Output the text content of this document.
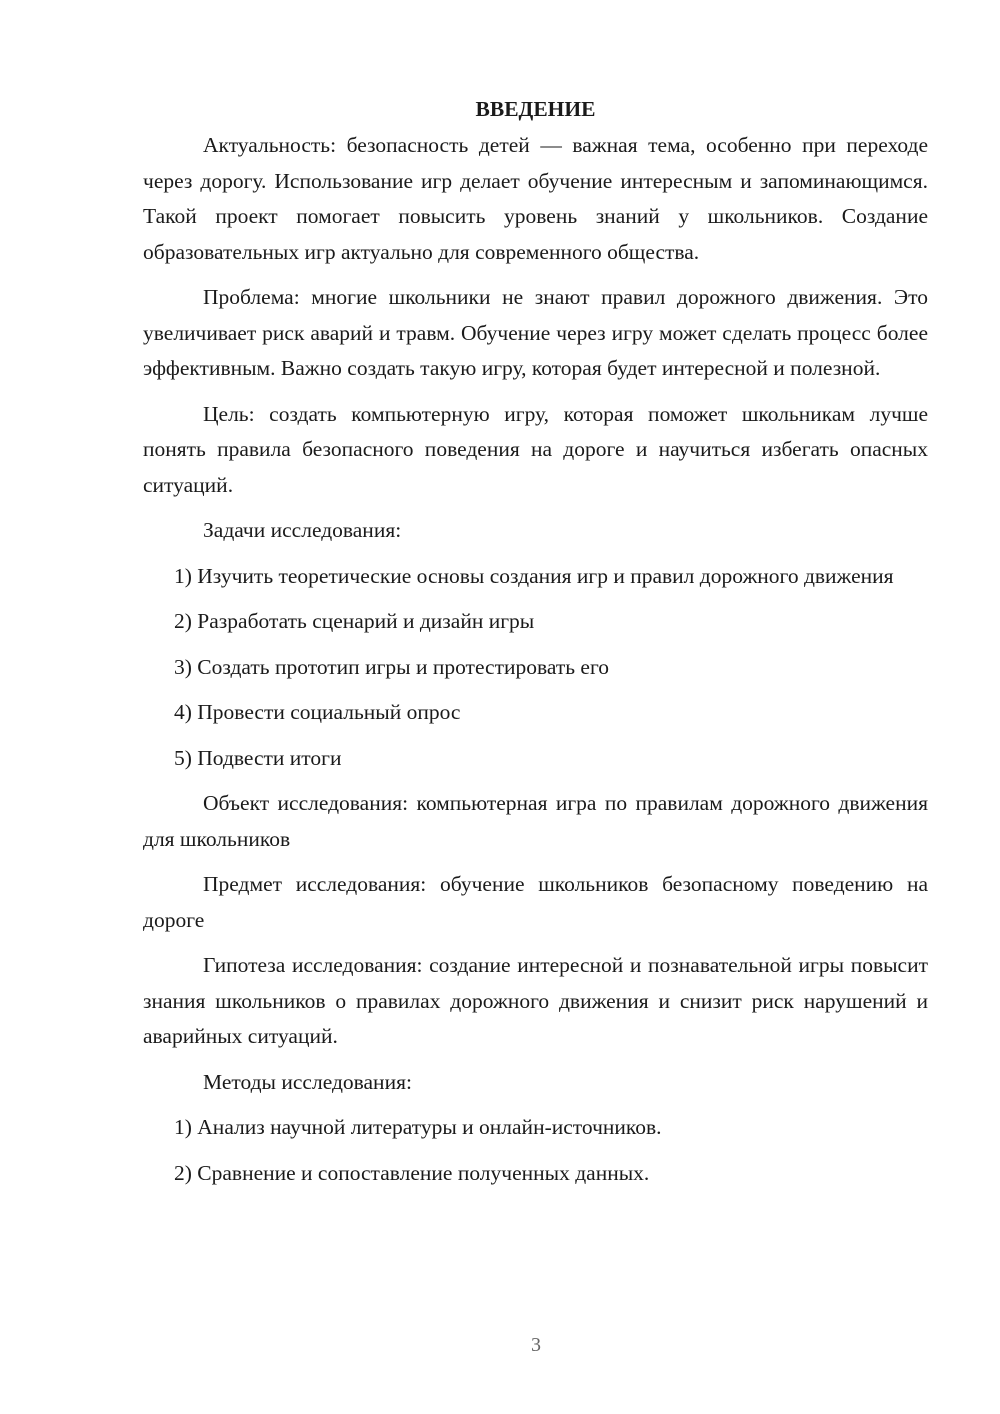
ВВЕДЕНИЕ

Актуальность: безопасность детей — важная тема, особенно при переходе через дорогу. Использование игр делает обучение интересным и запоминающимся. Такой проект помогает повысить уровень знаний у школьников. Создание образовательных игр актуально для современного общества.

Проблема: многие школьники не знают правил дорожного движения. Это увеличивает риск аварий и травм. Обучение через игру может сделать процесс более эффективным. Важно создать такую игру, которая будет интересной и полезной.

Цель: создать компьютерную игру, которая поможет школьникам лучше понять правила безопасного поведения на дороге и научиться избегать опасных ситуаций.

Задачи исследования:

1) Изучить теоретические основы создания игр и правил дорожного движения

2) Разработать сценарий и дизайн игры

3) Создать прототип игры и протестировать его

4) Провести социальный опрос

5) Подвести итоги

Объект исследования: компьютерная игра по правилам дорожного движения для школьников

Предмет исследования: обучение школьников безопасному поведению на дороге

Гипотеза исследования: создание интересной и познавательной игры повысит знания школьников о правилах дорожного движения и снизит риск нарушений и аварийных ситуаций.

Методы исследования:

1) Анализ научной литературы и онлайн-источников.

2) Сравнение и сопоставление полученных данных.

3
